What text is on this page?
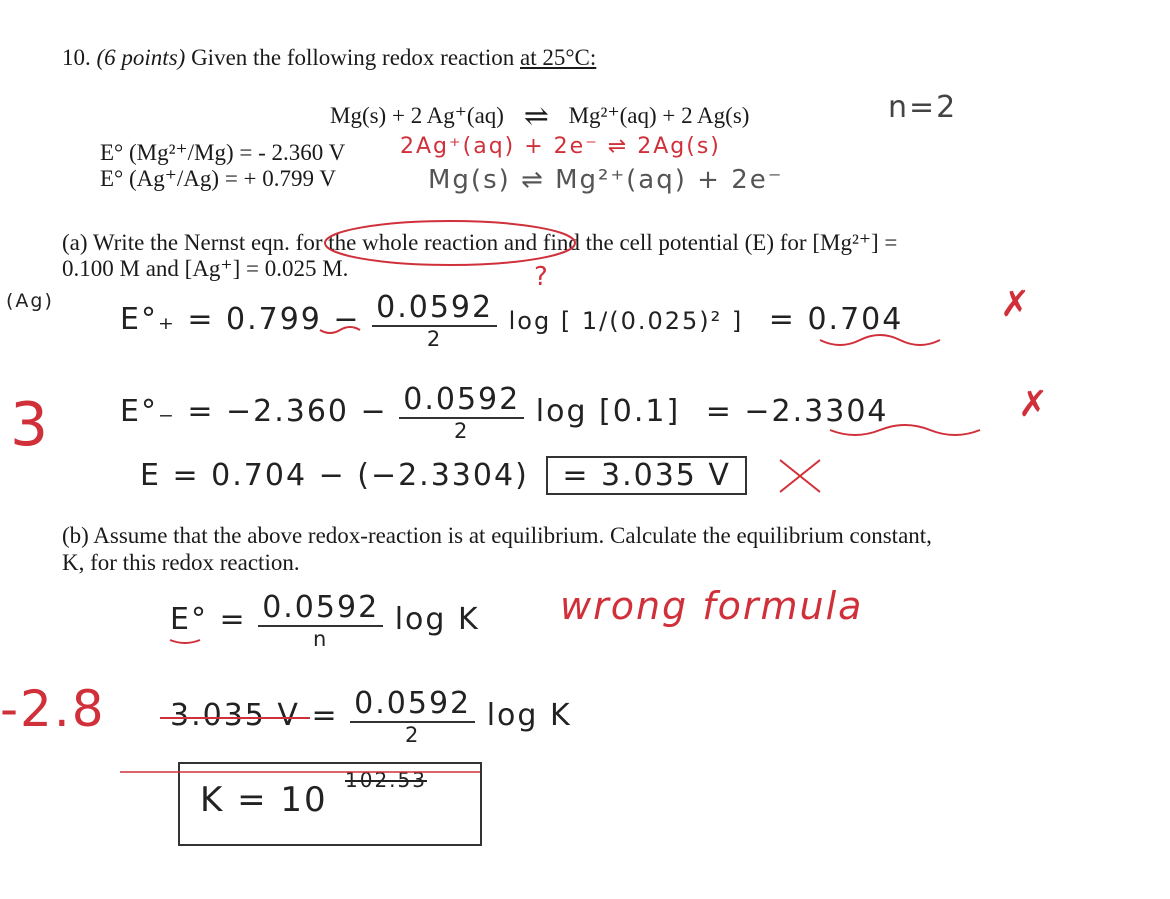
10. (6 points) Given the following redox reaction at 25°C:
Mg(s) + 2 Ag⁺(aq) ⇌ Mg²⁺(aq) + 2 Ag(s)
E° (Mg²⁺/Mg) = - 2.360 V
E° (Ag⁺/Ag) = + 0.799 V
(a) Write the Nernst eqn. for the whole reaction and find the cell potential (E) for [Mg²⁺] =
0.100 M and [Ag⁺] = 0.025 M.
(b) Assume that the above redox-reaction is at equilibrium. Calculate the equilibrium constant,
K, for this redox reaction.
n=2
2Ag⁺(aq) + 2e⁻ ⇌ 2Ag(s)
Mg(s) ⇌ Mg²⁺(aq) + 2e⁻
(Ag)
$E^\circ_+ = 0.799 - \frac{0.0592}{2}$ log [ 1/(0.025)² ] = 0.704
$E^\circ_- = -2.360 - \frac{0.0592}{2}$ log [0.1] = −2.3304
E = 0.704 − (−2.3304) = 3.035 V
$E^\circ = \frac{0.0592}{n}$ log K
3.035 $V = \frac{0.0592}{2}$ log K
K = 10 102.53
3
-2.8
✗
✗
?
wrong formula
